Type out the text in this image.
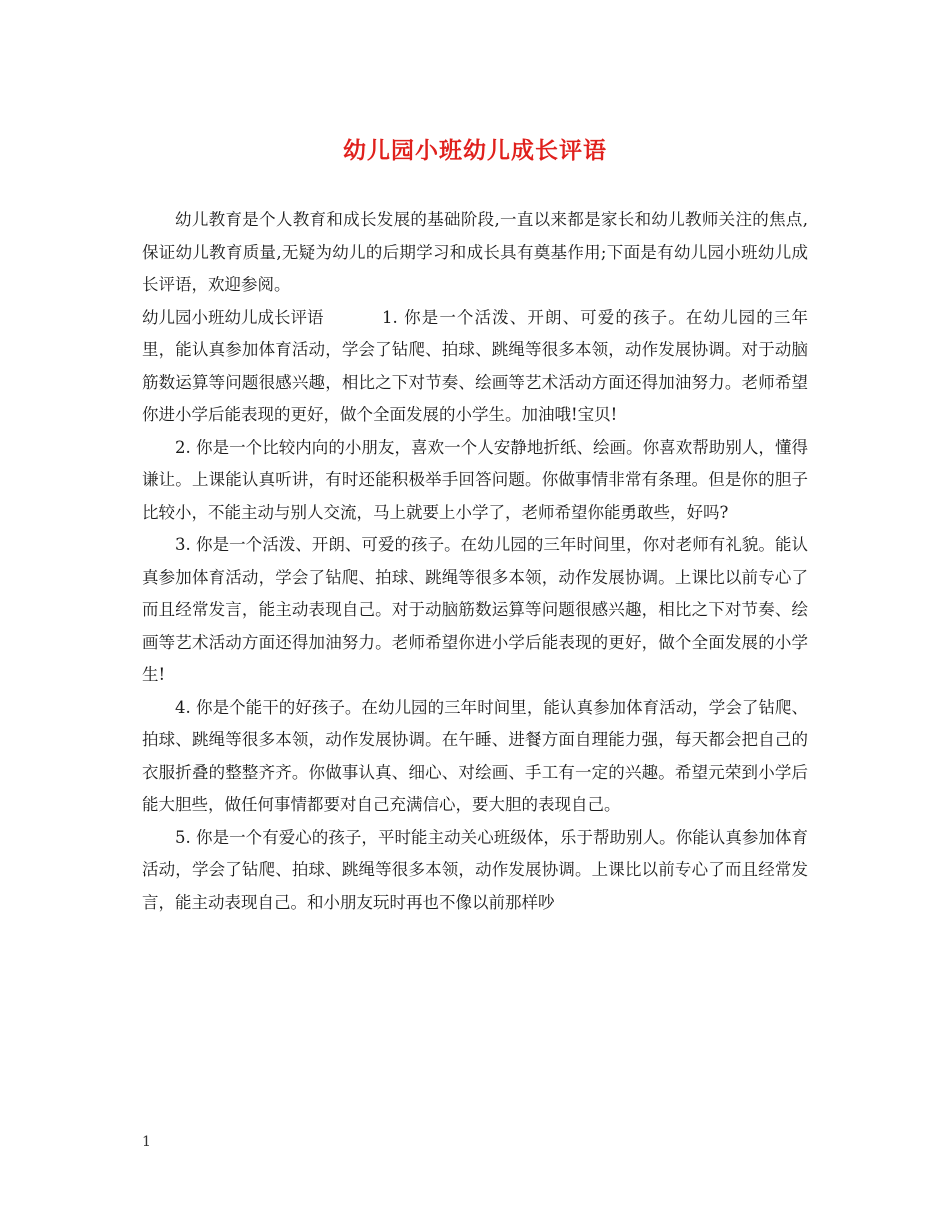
幼儿园小班幼儿成长评语

幼儿教育是个人教育和成长发展的基础阶段,一直以来都是家长和幼儿教师关注的焦点,保证幼儿教育质量,无疑为幼儿的后期学习和成长具有奠基作用;下面是有幼儿园小班幼儿成长评语，欢迎参阅。

幼儿园小班幼儿成长评语	1. 你是一个活泼、开朗、可爱的孩子。在幼儿园的三年里，能认真参加体育活动，学会了钻爬、拍球、跳绳等很多本领，动作发展协调。对于动脑筋数运算等问题很感兴趣，相比之下对节奏、绘画等艺术活动方面还得加油努力。老师希望你进小学后能表现的更好，做个全面发展的小学生。加油哦!宝贝!

2. 你是一个比较内向的小朋友，喜欢一个人安静地折纸、绘画。你喜欢帮助别人，懂得谦让。上课能认真听讲，有时还能积极举手回答问题。你做事情非常有条理。但是你的胆子比较小，不能主动与别人交流，马上就要上小学了，老师希望你能勇敢些，好吗?

3. 你是一个活泼、开朗、可爱的孩子。在幼儿园的三年时间里，你对老师有礼貌。能认真参加体育活动，学会了钻爬、拍球、跳绳等很多本领，动作发展协调。上课比以前专心了而且经常发言，能主动表现自己。对于动脑筋数运算等问题很感兴趣，相比之下对节奏、绘画等艺术活动方面还得加油努力。老师希望你进小学后能表现的更好，做个全面发展的小学生!

4. 你是个能干的好孩子。在幼儿园的三年时间里，能认真参加体育活动，学会了钻爬、拍球、跳绳等很多本领，动作发展协调。在午睡、进餐方面自理能力强，每天都会把自己的衣服折叠的整整齐齐。你做事认真、细心、对绘画、手工有一定的兴趣。希望元荣到小学后能大胆些，做任何事情都要对自己充满信心，要大胆的表现自己。

5. 你是一个有爱心的孩子，平时能主动关心班级体，乐于帮助别人。你能认真参加体育活动，学会了钻爬、拍球、跳绳等很多本领，动作发展协调。上课比以前专心了而且经常发言，能主动表现自己。和小朋友玩时再也不像以前那样吵

1
